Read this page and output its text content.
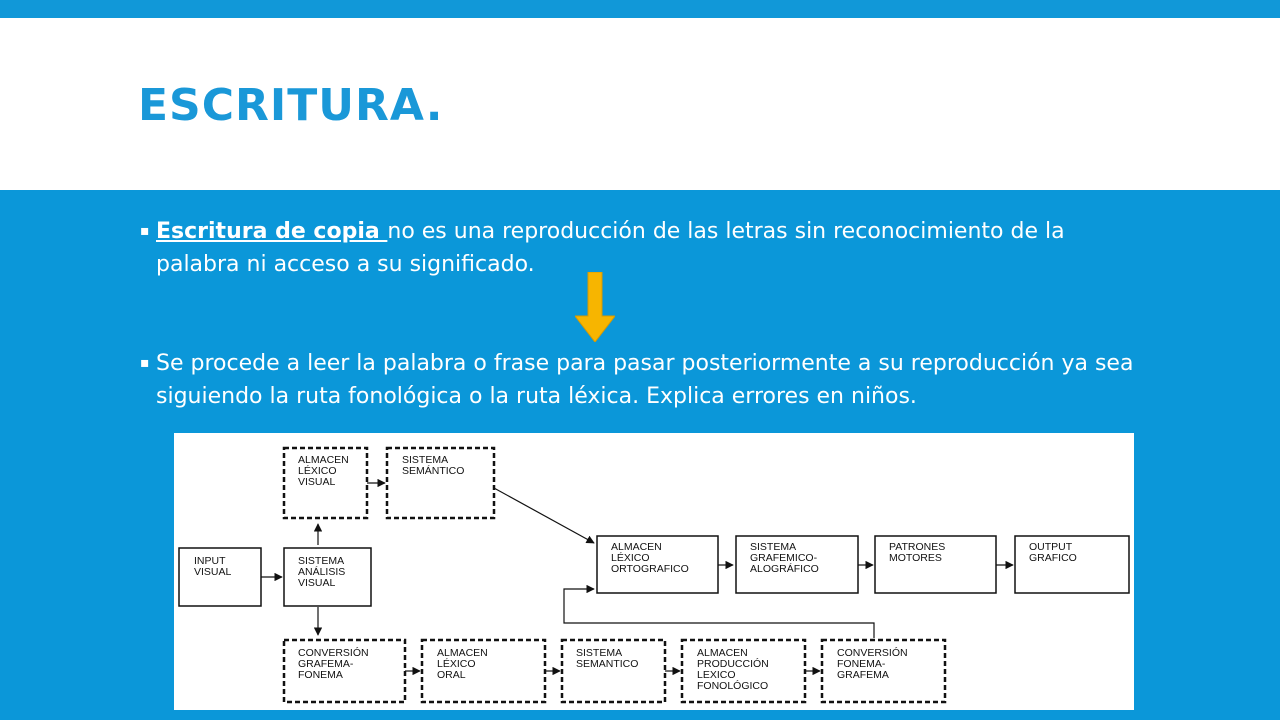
ESCRITURA.
▪ Escritura de copia no es una reproducción de las letras sin reconocimiento de la palabra ni acceso a su significado.
▪ Se procede a leer la palabra o frase para pasar posteriormente a su reproducción ya sea siguiendo la ruta fonológica o la ruta léxica. Explica errores en niños.
ALMACEN
LÉXICO
VISUAL
SISTEMA
SEMÁNTICO
INPUT
VISUAL
SISTEMA
ANÁLISIS
VISUAL
ALMACEN
LÉXICO
ORTOGRAFICO
SISTEMA
GRAFEMICO-
ALOGRÁFICO
PATRONES
MOTORES
OUTPUT
GRAFICO
CONVERSIÓN
GRAFEMA-
FONEMA
ALMACEN
LÉXICO
ORAL
SISTEMA
SEMANTICO
ALMACEN
PRODUCCIÓN
LEXICO
FONOLÓGICO
CONVERSIÓN
FONEMA-
GRAFEMA
